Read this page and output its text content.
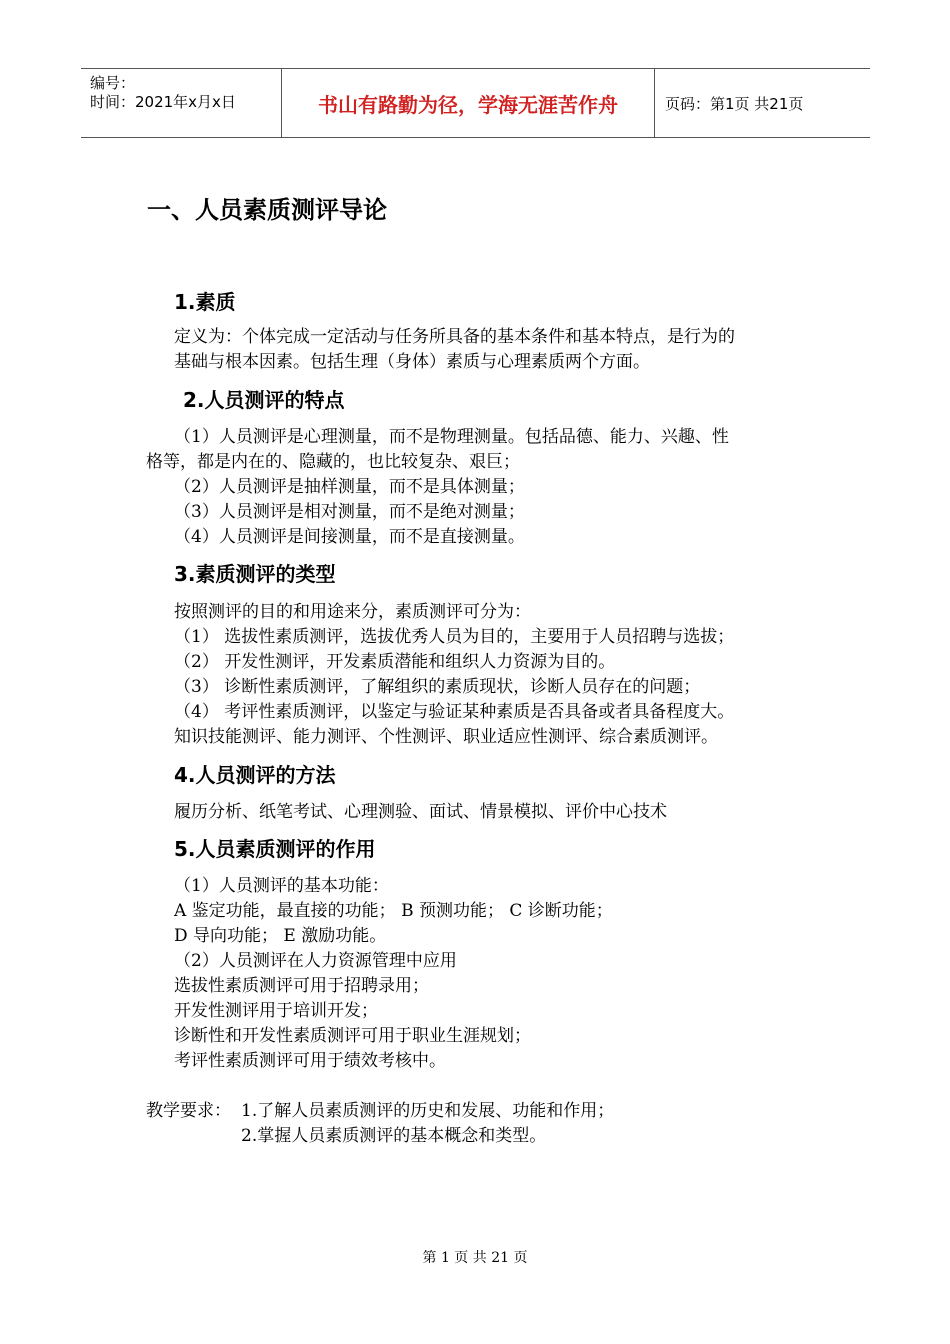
编号：
时间：2021年x月x日	书山有路勤为径，学海无涯苦作舟	页码：第1页 共21页
一、人员素质测评导论
1.素质
定义为：个体完成一定活动与任务所具备的基本条件和基本特点，是行为的
基础与根本因素。包括生理（身体）素质与心理素质两个方面。
2.人员测评的特点
（1）人员测评是心理测量，而不是物理测量。包括品德、能力、兴趣、性
格等，都是内在的、隐藏的，也比较复杂、艰巨；
（2）人员测评是抽样测量，而不是具体测量；
（3）人员测评是相对测量，而不是绝对测量；
（4）人员测评是间接测量，而不是直接测量。
3.素质测评的类型
按照测评的目的和用途来分，素质测评可分为：
（1） 选拔性素质测评，选拔优秀人员为目的，主要用于人员招聘与选拔；
（2） 开发性测评，开发素质潜能和组织人力资源为目的。
（3） 诊断性素质测评，了解组织的素质现状，诊断人员存在的问题；
（4） 考评性素质测评，以鉴定与验证某种素质是否具备或者具备程度大。
知识技能测评、能力测评、个性测评、职业适应性测评、综合素质测评。
4.人员测评的方法
履历分析、纸笔考试、心理测验、面试、情景模拟、评价中心技术
5.人员素质测评的作用
（1）人员测评的基本功能：
A 鉴定功能，最直接的功能； B 预测功能； C 诊断功能；
D 导向功能； E 激励功能。
（2）人员测评在人力资源管理中应用
选拔性素质测评可用于招聘录用；
开发性测评用于培训开发；
诊断性和开发性素质测评可用于职业生涯规划；
考评性素质测评可用于绩效考核中。
教学要求： 1.了解人员素质测评的历史和发展、功能和作用；
2.掌握人员素质测评的基本概念和类型。
第 1 页 共 21 页
